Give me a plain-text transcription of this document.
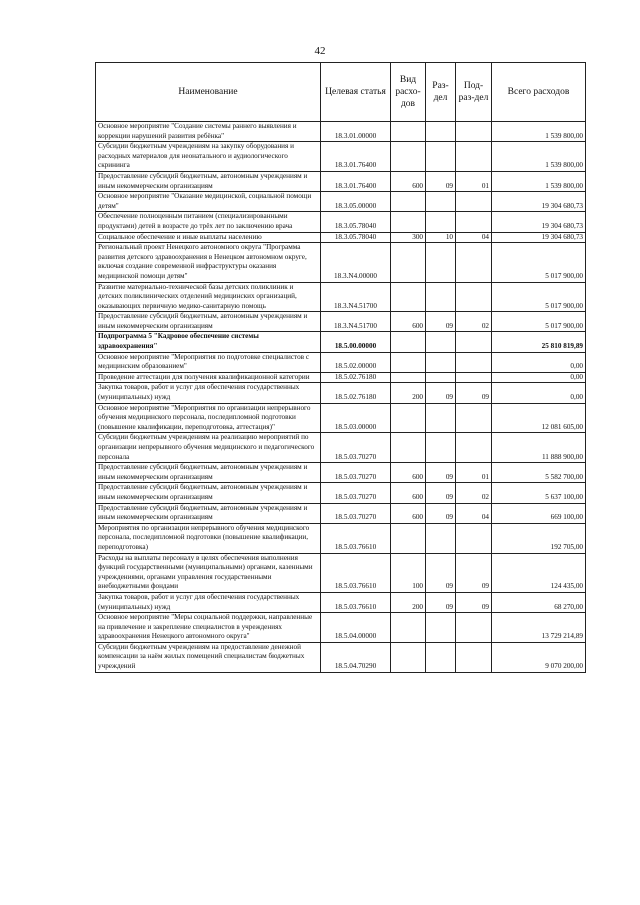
42
Наименование	Целевая статья	Вид расхо-дов	Раз-дел	Под-раз-дел	Всего расходов
Основное мероприятие "Создание системы раннего выявления и коррекции нарушений развития ребёнка"	18.3.01.00000				1 539 800,00
Субсидии бюджетным учреждениям на закупку оборудования и расходных материалов для неонатального и аудиологического скрининга	18.3.01.76400				1 539 800,00
Предоставление субсидий бюджетным, автономным учреждениям и иным некоммерческим организациям	18.3.01.76400	600	09	01	1 539 800,00
Основное мероприятие "Оказание медицинской, социальной помощи детям"	18.3.05.00000				19 304 680,73
Обеспечение полноценным питанием (специализированными продуктами) детей в возрасте до трёх лет по заключению врача	18.3.05.78040				19 304 680,73
Социальное обеспечение и иные выплаты населению	18.3.05.78040	300	10	04	19 304 680,73
Региональный проект Ненецкого автономного округа "Программа развития детского здравоохранения в Ненецком автономном округе, включая создание современной инфраструктуры оказания медицинской помощи детям"	18.3.N4.00000				5 017 900,00
Развитие материально-технической базы детских поликлиник и детских поликлинических отделений медицинских организаций, оказывающих первичную медико-санитарную помощь	18.3.N4.51700				5 017 900,00
Предоставление субсидий бюджетным, автономным учреждениям и иным некоммерческим организациям	18.3.N4.51700	600	09	02	5 017 900,00
Подпрограмма 5 "Кадровое обеспечение системы здравоохранения"	18.5.00.00000				25 810 819,89
Основное мероприятие "Мероприятия по подготовке специалистов с медицинским образованием"	18.5.02.00000				0,00
Проведение аттестации для получения квалификационной категории	18.5.02.76180				0,00
Закупка товаров, работ и услуг для обеспечения государственных (муниципальных) нужд	18.5.02.76180	200	09	09	0,00
Основное мероприятие "Мероприятия по организации непрерывного обучения медицинского персонала, последипломной подготовки (повышение квалификации, переподготовка, аттестация)"	18.5.03.00000				12 081 605,00
Субсидии бюджетным учреждениям на реализацию мероприятий по организации непрерывного обучения медицинского и педагогического персонала	18.5.03.70270				11 888 900,00
Предоставление субсидий бюджетным, автономным учреждениям и иным некоммерческим организациям	18.5.03.70270	600	09	01	5 582 700,00
Предоставление субсидий бюджетным, автономным учреждениям и иным некоммерческим организациям	18.5.03.70270	600	09	02	5 637 100,00
Предоставление субсидий бюджетным, автономным учреждениям и иным некоммерческим организациям	18.5.03.70270	600	09	04	669 100,00
Мероприятия по организации непрерывного обучения медицинского персонала, последипломной подготовки (повышение квалификации, переподготовка)	18.5.03.76610				192 705,00
Расходы на выплаты персоналу в целях обеспечения выполнения функций государственными (муниципальными) органами, казенными учреждениями, органами управления государственными внебюджетными фондами	18.5.03.76610	100	09	09	124 435,00
Закупка товаров, работ и услуг для обеспечения государственных (муниципальных) нужд	18.5.03.76610	200	09	09	68 270,00
Основное мероприятие "Меры социальной поддержки, направленные на привлечение и закрепление специалистов в учреждениях здравоохранения Ненецкого автономного округа"	18.5.04.00000				13 729 214,89
Субсидии бюджетным учреждениям на предоставление денежной компенсации за наём жилых помещений специалистам бюджетных учреждений	18.5.04.70290				9 070 200,00
